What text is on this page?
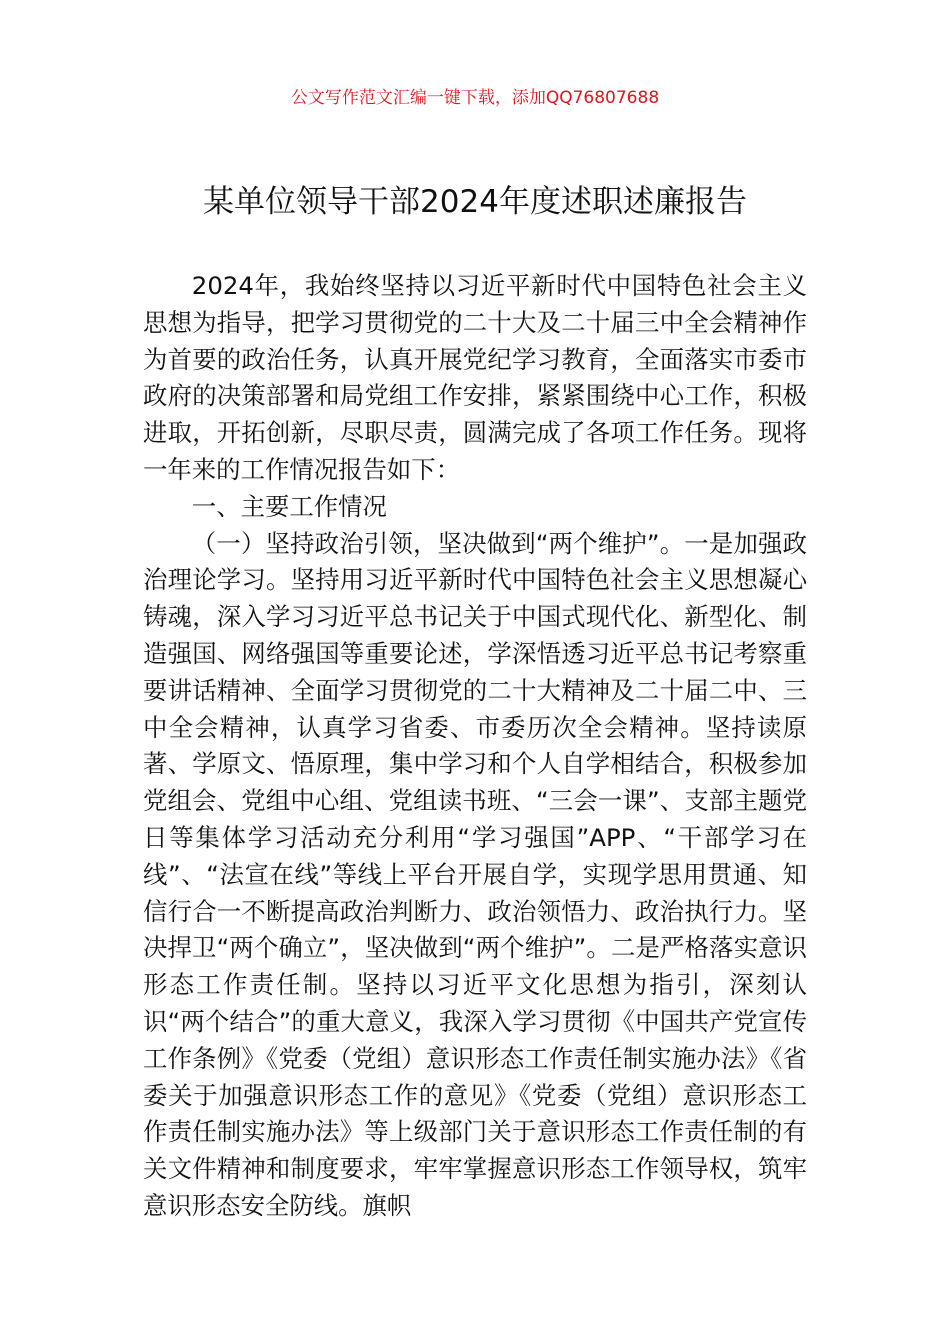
公文写作范文汇编一键下载，添加QQ76807688
某单位领导干部2024年度述职述廉报告

2024年，我始终坚持以习近平新时代中国特色社会主义思想为指导，把学习贯彻党的二十大及二十届三中全会精神作为首要的政治任务，认真开展党纪学习教育，全面落实市委市政府的决策部署和局党组工作安排，紧紧围绕中心工作，积极进取，开拓创新，尽职尽责，圆满完成了各项工作任务。现将一年来的工作情况报告如下：

一、主要工作情况

（一）坚持政治引领，坚决做到“两个维护”。一是加强政治理论学习。坚持用习近平新时代中国特色社会主义思想凝心铸魂，深入学习习近平总书记关于中国式现代化、新型化、制造强国、网络强国等重要论述，学深悟透习近平总书记考察重要讲话精神、全面学习贯彻党的二十大精神及二十届二中、三中全会精神，认真学习省委、市委历次全会精神。坚持读原著、学原文、悟原理，集中学习和个人自学相结合，积极参加党组会、党组中心组、党组读书班、“三会一课”、支部主题党日等集体学习活动充分利用“学习强国”APP、“干部学习在线”、“法宣在线”等线上平台开展自学，实现学思用贯通、知信行合一不断提高政治判断力、政治领悟力、政治执行力。坚决捍卫“两个确立”，坚决做到“两个维护”。二是严格落实意识形态工作责任制。坚持以习近平文化思想为指引，深刻认识“两个结合”的重大意义，我深入学习贯彻《中国共产党宣传工作条例》《党委（党组）意识形态工作责任制实施办法》《省委关于加强意识形态工作的意见》《党委（党组）意识形态工作责任制实施办法》等上级部门关于意识形态工作责任制的有关文件精神和制度要求，牢牢掌握意识形态工作领导权，筑牢意识形态安全防线。旗帜
